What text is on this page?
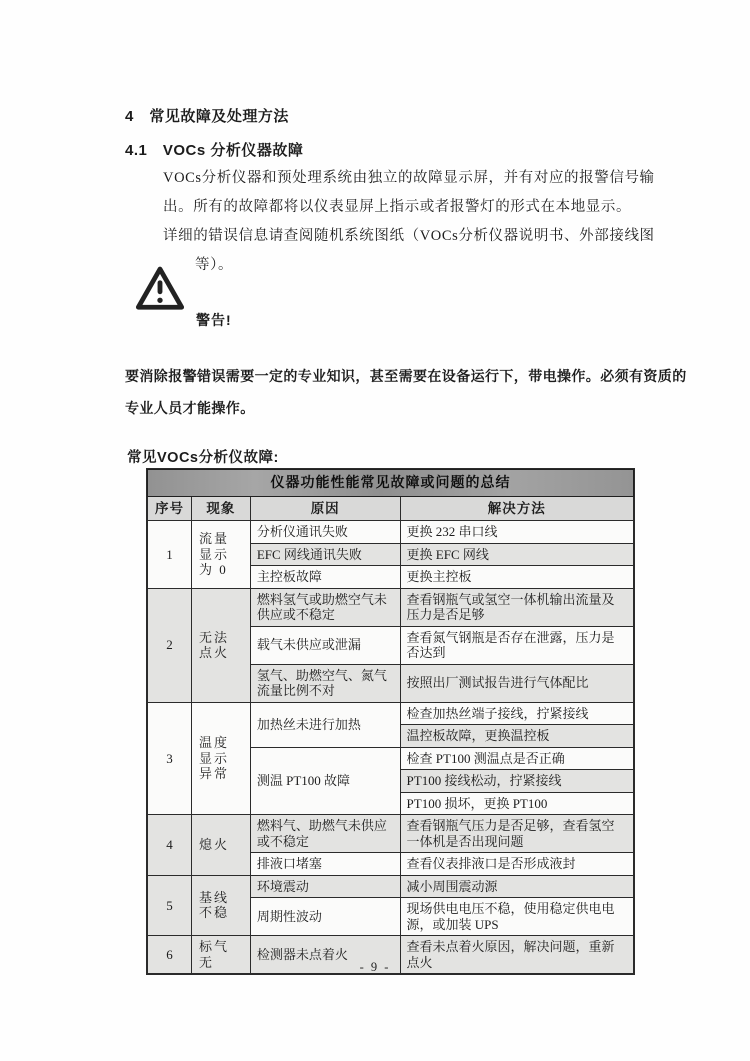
4　常见故障及处理方法
4.1　VOCs 分析仪器故障
VOCs分析仪器和预处理系统由独立的故障显示屏，并有对应的报警信号输
出。所有的故障都将以仪表显屏上指示或者报警灯的形式在本地显示。
详细的错误信息请查阅随机系统图纸（VOCs分析仪器说明书、外部接线图
等）。
警告!
要消除报警错误需要一定的专业知识，甚至需要在设备运行下，带电操作。必须有资质的
专业人员才能操作。
常见VOCs分析仪故障:
仪器功能性能常见故障或问题的总结			
序号	现象	原因	解决方法
1	流量显示为 0	分析仪通讯失败	更换 232 串口线
		EFC 网线通讯失败	更换 EFC 网线
		主控板故障	更换主控板
2	无法点火	燃料氢气或助燃空气未供应或不稳定	查看钢瓶气或氢空一体机输出流量及压力是否足够
		载气未供应或泄漏	查看氮气钢瓶是否存在泄露，压力是否达到
		氢气、助燃空气、氮气流量比例不对	按照出厂测试报告进行气体配比
3	温度显示异常	加热丝未进行加热	检查加热丝端子接线，拧紧接线
			温控板故障，更换温控板
		测温 PT100 故障	检查 PT100 测温点是否正确
			PT100 接线松动，拧紧接线
			PT100 损坏，更换 PT100
4	熄火	燃料气、助燃气未供应或不稳定	查看钢瓶气压力是否足够，查看氢空一体机是否出现问题
		排液口堵塞	查看仪表排液口是否形成液封
5	基线不稳	环境震动	减小周围震动源
		周期性波动	现场供电电压不稳，使用稳定供电电源，或加装 UPS
6	标气无	检测器未点着火	查看未点着火原因，解决问题，重新点火
- 9 -
